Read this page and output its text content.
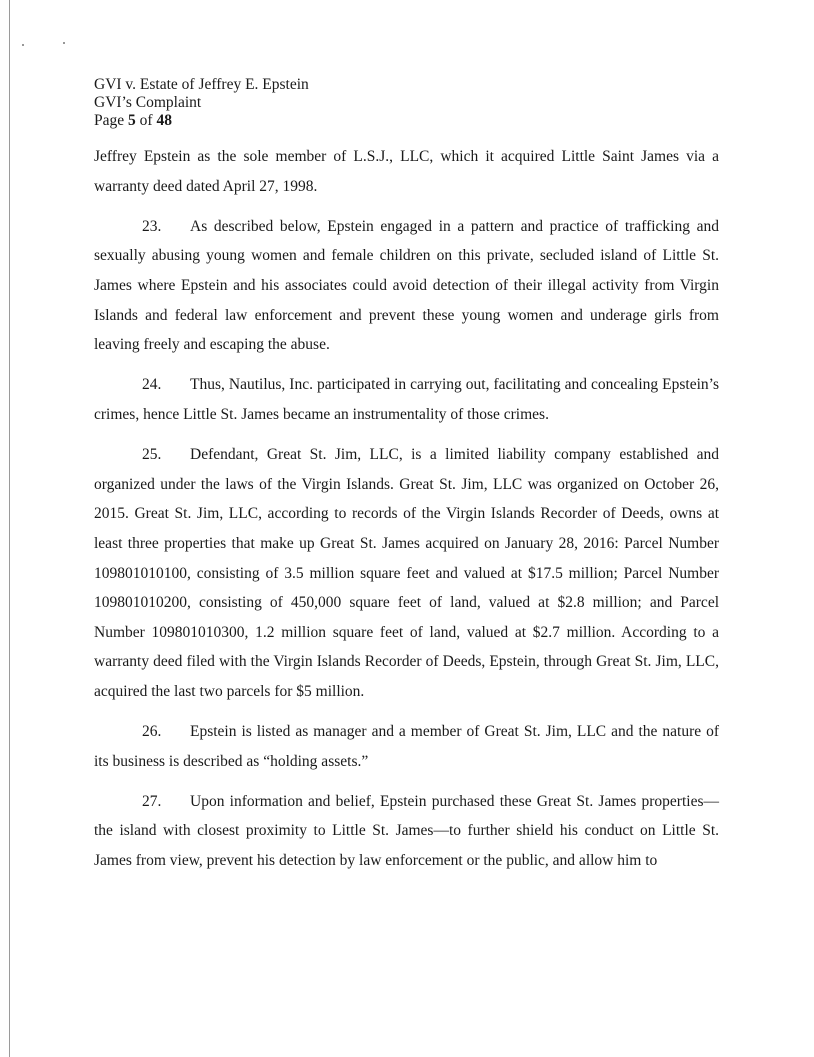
GVI v. Estate of Jeffrey E. Epstein
GVI’s Complaint
Page 5 of 48

Jeffrey Epstein as the sole member of L.S.J., LLC, which it acquired Little Saint James via a warranty deed dated April 27, 1998.

23. As described below, Epstein engaged in a pattern and practice of trafficking and sexually abusing young women and female children on this private, secluded island of Little St. James where Epstein and his associates could avoid detection of their illegal activity from Virgin Islands and federal law enforcement and prevent these young women and underage girls from leaving freely and escaping the abuse.

24. Thus, Nautilus, Inc. participated in carrying out, facilitating and concealing Epstein’s crimes, hence Little St. James became an instrumentality of those crimes.

25. Defendant, Great St. Jim, LLC, is a limited liability company established and organized under the laws of the Virgin Islands. Great St. Jim, LLC was organized on October 26, 2015. Great St. Jim, LLC, according to records of the Virgin Islands Recorder of Deeds, owns at least three properties that make up Great St. James acquired on January 28, 2016: Parcel Number 109801010100, consisting of 3.5 million square feet and valued at $17.5 million; Parcel Number 109801010200, consisting of 450,000 square feet of land, valued at $2.8 million; and Parcel Number 109801010300, 1.2 million square feet of land, valued at $2.7 million. According to a warranty deed filed with the Virgin Islands Recorder of Deeds, Epstein, through Great St. Jim, LLC, acquired the last two parcels for $5 million.

26. Epstein is listed as manager and a member of Great St. Jim, LLC and the nature of its business is described as “holding assets.”

27. Upon information and belief, Epstein purchased these Great St. James properties—the island with closest proximity to Little St. James—to further shield his conduct on Little St. James from view, prevent his detection by law enforcement or the public, and allow him to
